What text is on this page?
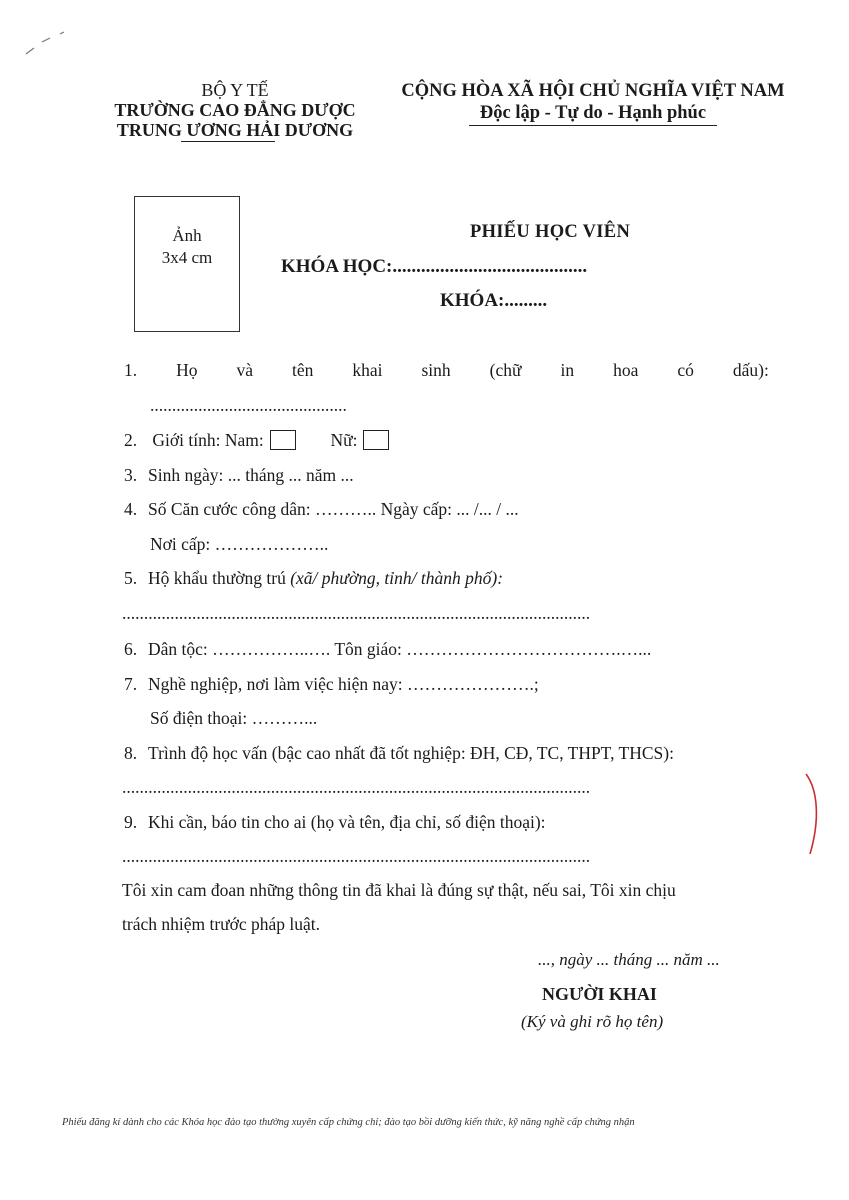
BỘ Y TẾ
TRƯỜNG CAO ĐẲNG DƯỢC
TRUNG ƯƠNG HẢI DƯƠNG
CỘNG HÒA XÃ HỘI CHỦ NGHĨA VIỆT NAM
Độc lập - Tự do - Hạnh phúc
Ảnh
3x4 cm
PHIẾU HỌC VIÊN
KHÓA HỌC:.........................................
KHÓA:.........
1. Họ và tên khai sinh (chữ in hoa có dấu):
.............................................
2. Giới tính: Nam:	Nữ:
3. Sinh ngày: ... tháng ... năm ...
4. Số Căn cước công dân: ……….. Ngày cấp: ... /... / ...
Nơi cấp: ………………..
5. Hộ khẩu thường trú (xã/ phường, tỉnh/ thành phố):
...........................................................................................................
6. Dân tộc: ……………..…. Tôn giáo: ……………………………….…...
7. Nghề nghiệp, nơi làm việc hiện nay: ………………….;
Số điện thoại: ………...
8. Trình độ học vấn (bậc cao nhất đã tốt nghiệp: ĐH, CĐ, TC, THPT, THCS):
...........................................................................................................
9. Khi cần, báo tin cho ai (họ và tên, địa chỉ, số điện thoại):
...........................................................................................................
Tôi xin cam đoan những thông tin đã khai là đúng sự thật, nếu sai, Tôi xin chịu
trách nhiệm trước pháp luật.
..., ngày ... tháng ... năm ...
NGƯỜI KHAI
(Ký và ghi rõ họ tên)
Phiếu đăng kí dành cho các Khóa học đào tạo thường xuyên cấp chứng chỉ; đào tạo bồi dưỡng kiến thức, kỹ năng nghề cấp chứng nhận
